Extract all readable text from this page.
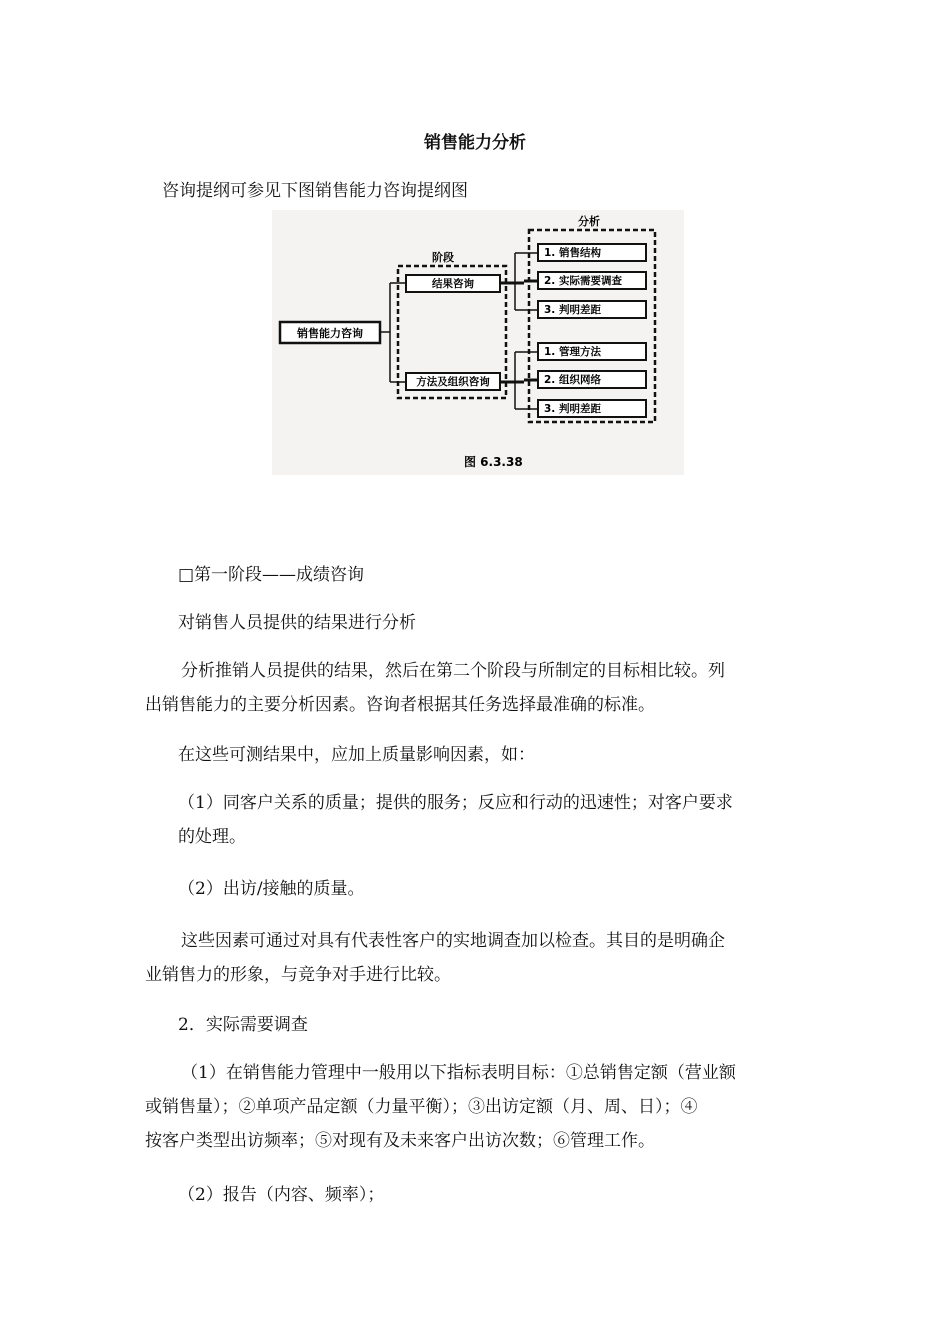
销售能力分析
咨询提纲可参见下图销售能力咨询提纲图
销售能力咨询
阶段
分析
结果咨询
方法及组织咨询
1. 销售结构
2. 实际需要调查
3. 判明差距
1. 管理方法
2. 组织网络
3. 判明差距
图 6.3.38
□第一阶段——成绩咨询
对销售人员提供的结果进行分析
分析推销人员提供的结果，然后在第二个阶段与所制定的目标相比较。列
出销售能力的主要分析因素。咨询者根据其任务选择最准确的标准。
在这些可测结果中，应加上质量影响因素，如：
（1）同客户关系的质量；提供的服务；反应和行动的迅速性；对客户要求
的处理。
（2）出访/接触的质量。
这些因素可通过对具有代表性客户的实地调查加以检查。其目的是明确企
业销售力的形象，与竞争对手进行比较。
2．实际需要调查
（1）在销售能力管理中一般用以下指标表明目标：①总销售定额（营业额
或销售量）；②单项产品定额（力量平衡）；③出访定额（月、周、日）；④
按客户类型出访频率；⑤对现有及未来客户出访次数；⑥管理工作。
（2）报告（内容、频率）；
